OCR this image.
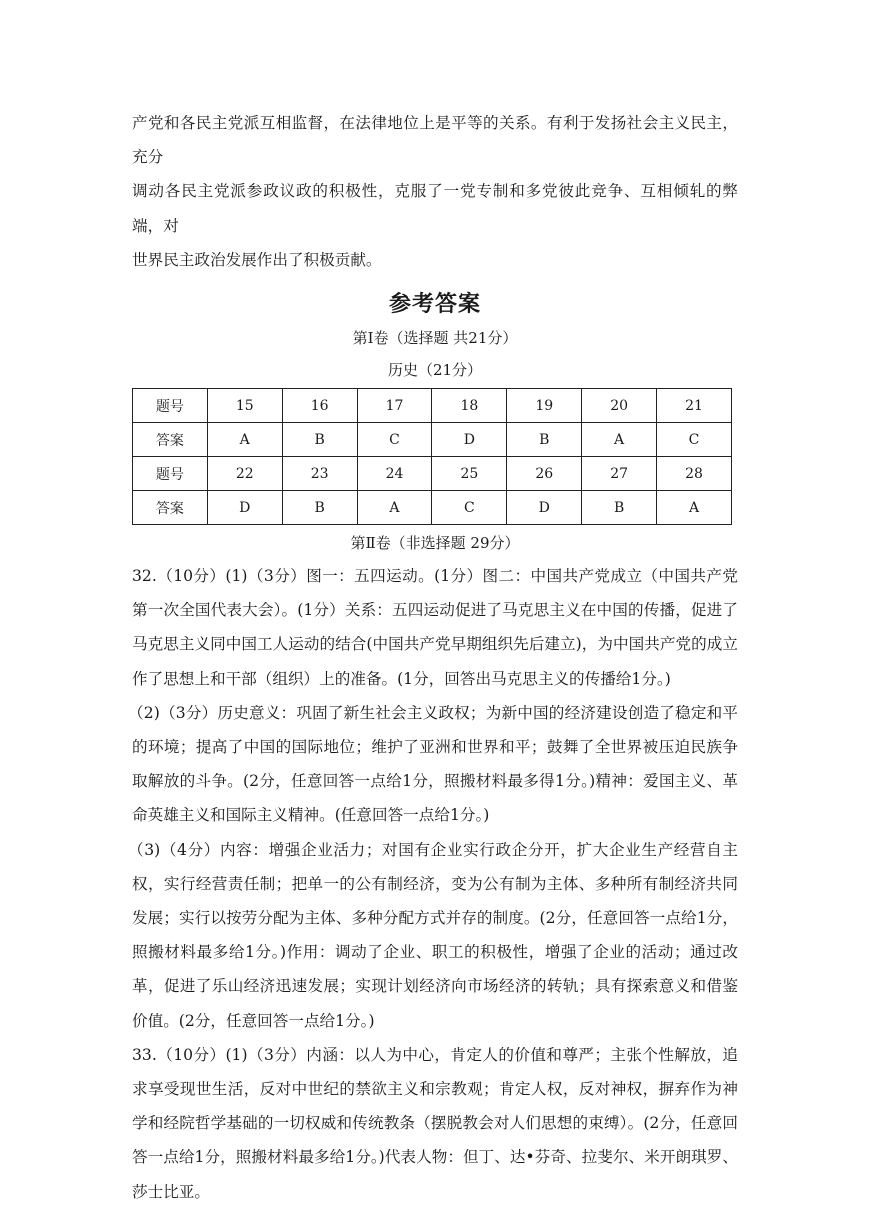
产党和各民主党派互相监督，在法律地位上是平等的关系。有利于发扬社会主义民主，充分

调动各民主党派参政议政的积极性，克服了一党专制和多党彼此竞争、互相倾轧的弊端，对

世界民主政治发展作出了积极贡献。

参考答案

第Ⅰ卷（选择题 共21分）

历史（21分）

题号	15	16	17	18	19	20	21
答案	A	B	C	D	B	A	C
题号	22	23	24	25	26	27	28
答案	D	B	A	C	D	B	A

第Ⅱ卷（非选择题 29分）

32.（10分）(1)（3分）图一：五四运动。(1分）图二：中国共产党成立（中国共产党第一次全国代表大会）。(1分）关系：五四运动促进了马克思主义在中国的传播，促进了马克思主义同中国工人运动的结合(中国共产党早期组织先后建立)，为中国共产党的成立作了思想上和干部（组织）上的准备。(1分，回答出马克思主义的传播给1分。)

（2)（3分）历史意义：巩固了新生社会主义政权；为新中国的经济建设创造了稳定和平的环境；提高了中国的国际地位；维护了亚洲和世界和平；鼓舞了全世界被压迫民族争取解放的斗争。(2分，任意回答一点给1分，照搬材料最多得1分。)精神：爱国主义、革命英雄主义和国际主义精神。(任意回答一点给1分。)

（3)（4分）内容：增强企业活力；对国有企业实行政企分开，扩大企业生产经营自主权，实行经营责任制；把单一的公有制经济，变为公有制为主体、多种所有制经济共同发展；实行以按劳分配为主体、多种分配方式并存的制度。(2分，任意回答一点给1分，照搬材料最多给1分。)作用：调动了企业、职工的积极性，增强了企业的活动；通过改革，促进了乐山经济迅速发展；实现计划经济向市场经济的转轨；具有探索意义和借鉴价值。(2分，任意回答一点给1分。)

33.（10分）(1)（3分）内涵：以人为中心，肯定人的价值和尊严；主张个性解放，追求享受现世生活，反对中世纪的禁欲主义和宗教观；肯定人权，反对神权，摒弃作为神学和经院哲学基础的一切权威和传统教条（摆脱教会对人们思想的束缚）。(2分，任意回答一点给1分，照搬材料最多给1分。)代表人物：但丁、达•芬奇、拉斐尔、米开朗琪罗、莎士比亚。
